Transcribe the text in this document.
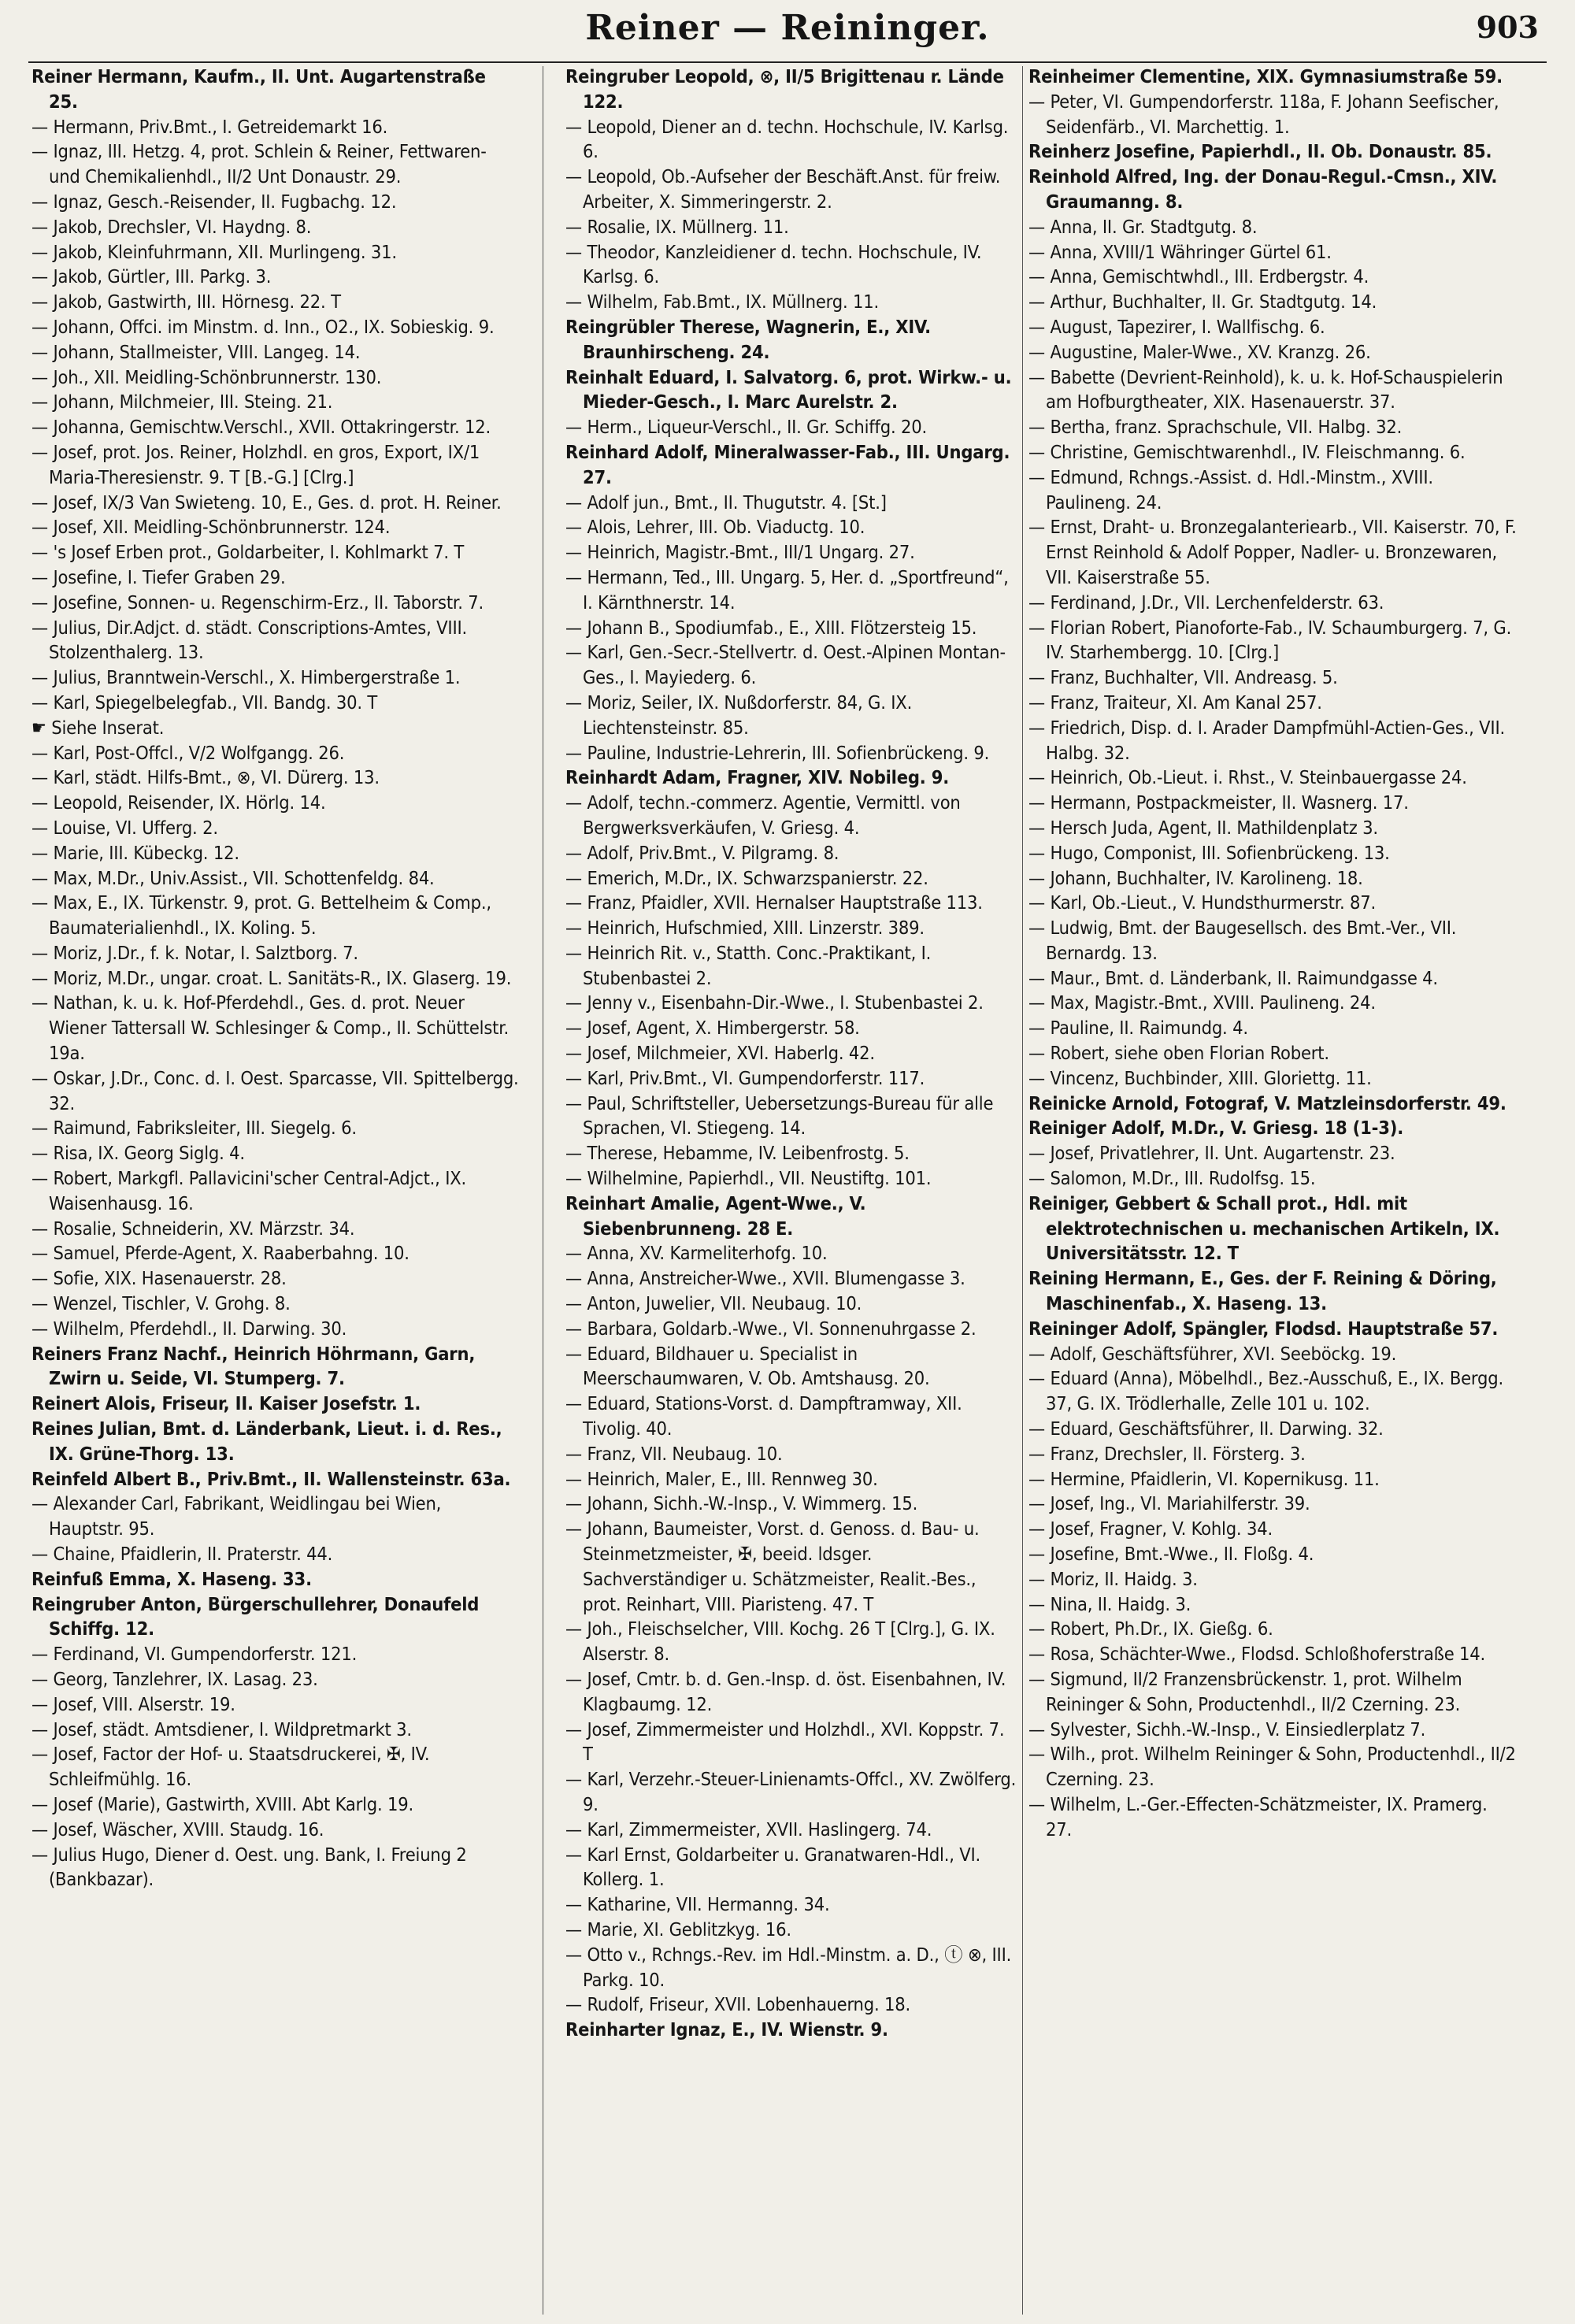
Reiner — Reininger.	903

Reiner Hermann, Kaufm., II. Unt. Augartenstraße 25.

— Hermann, Priv.Bmt., I. Getreidemarkt 16.

— Ignaz, III. Hetzg. 4, prot. Schlein & Reiner, Fettwaren- und Chemikalienhdl., II/2 Unt Donaustr. 29.

— Ignaz, Gesch.-Reisender, II. Fugbachg. 12.

— Jakob, Drechsler, VI. Haydng. 8.

— Jakob, Kleinfuhrmann, XII. Murlingeng. 31.

— Jakob, Gürtler, III. Parkg. 3.

— Jakob, Gastwirth, III. Hörnesg. 22. T

— Johann, Offci. im Minstm. d. Inn., O2., IX. Sobieskig. 9.

— Johann, Stallmeister, VIII. Langeg. 14.

— Joh., XII. Meidling-Schönbrunnerstr. 130.

— Johann, Milchmeier, III. Steing. 21.

— Johanna, Gemischtw.Verschl., XVII. Ottakringerstr. 12.

— Josef, prot. Jos. Reiner, Holzhdl. en gros, Export, IX/1 Maria-Theresienstr. 9. T [B.-G.] [Clrg.]

— Josef, IX/3 Van Swieteng. 10, E., Ges. d. prot. H. Reiner.

— Josef, XII. Meidling-Schönbrunnerstr. 124.

— 's Josef Erben prot., Goldarbeiter, I. Kohlmarkt 7. T

— Josefine, I. Tiefer Graben 29.

— Josefine, Sonnen- u. Regenschirm-Erz., II. Taborstr. 7.

— Julius, Dir.Adjct. d. städt. Conscriptions-Amtes, VIII. Stolzenthalerg. 13.

— Julius, Branntwein-Verschl., X. Himbergerstraße 1.

— Karl, Spiegelbelegfab., VII. Bandg. 30. T

☛ Siehe Inserat.

— Karl, Post-Offcl., V/2 Wolfgangg. 26.

— Karl, städt. Hilfs-Bmt., ⊗, VI. Dürerg. 13.

— Leopold, Reisender, IX. Hörlg. 14.

— Louise, VI. Ufferg. 2.

— Marie, III. Kübeckg. 12.

— Max, M.Dr., Univ.Assist., VII. Schottenfeldg. 84.

— Max, E., IX. Türkenstr. 9, prot. G. Bettelheim & Comp., Baumaterialienhdl., IX. Koling. 5.

— Moriz, J.Dr., f. k. Notar, I. Salztborg. 7.

— Moriz, M.Dr., ungar. croat. L. Sanitäts-R., IX. Glaserg. 19.

— Nathan, k. u. k. Hof-Pferdehdl., Ges. d. prot. Neuer Wiener Tattersall W. Schlesinger & Comp., II. Schüttelstr. 19a.

— Oskar, J.Dr., Conc. d. I. Oest. Sparcasse, VII. Spittelbergg. 32.

— Raimund, Fabriksleiter, III. Siegelg. 6.

— Risa, IX. Georg Siglg. 4.

— Robert, Markgfl. Pallavicini'scher Central-Adjct., IX. Waisenhausg. 16.

— Rosalie, Schneiderin, XV. Märzstr. 34.

— Samuel, Pferde-Agent, X. Raaberbahng. 10.

— Sofie, XIX. Hasenauerstr. 28.

— Wenzel, Tischler, V. Grohg. 8.

— Wilhelm, Pferdehdl., II. Darwing. 30.

Reiners Franz Nachf., Heinrich Höhrmann, Garn, Zwirn u. Seide, VI. Stumperg. 7.

Reinert Alois, Friseur, II. Kaiser Josefstr. 1.

Reines Julian, Bmt. d. Länderbank, Lieut. i. d. Res., IX. Grüne-Thorg. 13.

Reinfeld Albert B., Priv.Bmt., II. Wallensteinstr. 63a.

— Alexander Carl, Fabrikant, Weidlingau bei Wien, Hauptstr. 95.

— Chaine, Pfaidlerin, II. Praterstr. 44.

Reinfuß Emma, X. Haseng. 33.

Reingruber Anton, Bürgerschullehrer, Donaufeld Schiffg. 12.

— Ferdinand, VI. Gumpendorferstr. 121.

— Georg, Tanzlehrer, IX. Lasag. 23.

— Josef, VIII. Alserstr. 19.

— Josef, städt. Amtsdiener, I. Wildpretmarkt 3.

— Josef, Factor der Hof- u. Staatsdruckerei, ✠, IV. Schleifmühlg. 16.

— Josef (Marie), Gastwirth, XVIII. Abt Karlg. 19.

— Josef, Wäscher, XVIII. Staudg. 16.

— Julius Hugo, Diener d. Oest. ung. Bank, I. Freiung 2 (Bankbazar).

Reingruber Leopold, ⊗, II/5 Brigittenau r. Lände 122.

— Leopold, Diener an d. techn. Hochschule, IV. Karlsg. 6.

— Leopold, Ob.-Aufseher der Beschäft.Anst. für freiw. Arbeiter, X. Simmeringerstr. 2.

— Rosalie, IX. Müllnerg. 11.

— Theodor, Kanzleidiener d. techn. Hochschule, IV. Karlsg. 6.

— Wilhelm, Fab.Bmt., IX. Müllnerg. 11.

Reingrübler Therese, Wagnerin, E., XIV. Braunhirscheng. 24.

Reinhalt Eduard, I. Salvatorg. 6, prot. Wirkw.- u. Mieder-Gesch., I. Marc Aurelstr. 2.

— Herm., Liqueur-Verschl., II. Gr. Schiffg. 20.

Reinhard Adolf, Mineralwasser-Fab., III. Ungarg. 27.

— Adolf jun., Bmt., II. Thugutstr. 4. [St.]

— Alois, Lehrer, III. Ob. Viaductg. 10.

— Heinrich, Magistr.-Bmt., III/1 Ungarg. 27.

— Hermann, Ted., III. Ungarg. 5, Her. d. „Sportfreund“, I. Kärnthnerstr. 14.

— Johann B., Spodiumfab., E., XIII. Flötzersteig 15.

— Karl, Gen.-Secr.-Stellvertr. d. Oest.-Alpinen Montan-Ges., I. Mayiederg. 6.

— Moriz, Seiler, IX. Nußdorferstr. 84, G. IX. Liechtensteinstr. 85.

— Pauline, Industrie-Lehrerin, III. Sofienbrückeng. 9.

Reinhardt Adam, Fragner, XIV. Nobileg. 9.

— Adolf, techn.-commerz. Agentie, Vermittl. von Bergwerksverkäufen, V. Griesg. 4.

— Adolf, Priv.Bmt., V. Pilgramg. 8.

— Emerich, M.Dr., IX. Schwarzspanierstr. 22.

— Franz, Pfaidler, XVII. Hernalser Hauptstraße 113.

— Heinrich, Hufschmied, XIII. Linzerstr. 389.

— Heinrich Rit. v., Statth. Conc.-Praktikant, I. Stubenbastei 2.

— Jenny v., Eisenbahn-Dir.-Wwe., I. Stubenbastei 2.

— Josef, Agent, X. Himbergerstr. 58.

— Josef, Milchmeier, XVI. Haberlg. 42.

— Karl, Priv.Bmt., VI. Gumpendorferstr. 117.

— Paul, Schriftsteller, Uebersetzungs-Bureau für alle Sprachen, VI. Stiegeng. 14.

— Therese, Hebamme, IV. Leibenfrostg. 5.

— Wilhelmine, Papierhdl., VII. Neustiftg. 101.

Reinhart Amalie, Agent-Wwe., V. Siebenbrunneng. 28 E.

— Anna, XV. Karmeliterhofg. 10.

— Anna, Anstreicher-Wwe., XVII. Blumengasse 3.

— Anton, Juwelier, VII. Neubaug. 10.

— Barbara, Goldarb.-Wwe., VI. Sonnenuhrgasse 2.

— Eduard, Bildhauer u. Specialist in Meerschaumwaren, V. Ob. Amtshausg. 20.

— Eduard, Stations-Vorst. d. Dampftramway, XII. Tivolig. 40.

— Franz, VII. Neubaug. 10.

— Heinrich, Maler, E., III. Rennweg 30.

— Johann, Sichh.-W.-Insp., V. Wimmerg. 15.

— Johann, Baumeister, Vorst. d. Genoss. d. Bau- u. Steinmetzmeister, ✠, beeid. ldsger. Sachverständiger u. Schätzmeister, Realit.-Bes., prot. Reinhart, VIII. Piaristeng. 47. T

— Joh., Fleischselcher, VIII. Kochg. 26 T [Clrg.], G. IX. Alserstr. 8.

— Josef, Cmtr. b. d. Gen.-Insp. d. öst. Eisenbahnen, IV. Klagbaumg. 12.

— Josef, Zimmermeister und Holzhdl., XVI. Koppstr. 7. T

— Karl, Verzehr.-Steuer-Linienamts-Offcl., XV. Zwölferg. 9.

— Karl, Zimmermeister, XVII. Haslingerg. 74.

— Karl Ernst, Goldarbeiter u. Granatwaren-Hdl., VI. Kollerg. 1.

— Katharine, VII. Hermanng. 34.

— Marie, XI. Geblitzkyg. 16.

— Otto v., Rchngs.-Rev. im Hdl.-Minstm. a. D., ⓣ ⊗, III. Parkg. 10.

— Rudolf, Friseur, XVII. Lobenhauerng. 18.

Reinharter Ignaz, E., IV. Wienstr. 9.

Reinheimer Clementine, XIX. Gymnasiumstraße 59.

— Peter, VI. Gumpendorferstr. 118a, F. Johann Seefischer, Seidenfärb., VI. Marchettig. 1.

Reinherz Josefine, Papierhdl., II. Ob. Donaustr. 85.

Reinhold Alfred, Ing. der Donau-Regul.-Cmsn., XIV. Graumanng. 8.

— Anna, II. Gr. Stadtgutg. 8.

— Anna, XVIII/1 Währinger Gürtel 61.

— Anna, Gemischtwhdl., III. Erdbergstr. 4.

— Arthur, Buchhalter, II. Gr. Stadtgutg. 14.

— August, Tapezirer, I. Wallfischg. 6.

— Augustine, Maler-Wwe., XV. Kranzg. 26.

— Babette (Devrient-Reinhold), k. u. k. Hof-Schauspielerin am Hofburgtheater, XIX. Hasenauerstr. 37.

— Bertha, franz. Sprachschule, VII. Halbg. 32.

— Christine, Gemischtwarenhdl., IV. Fleischmanng. 6.

— Edmund, Rchngs.-Assist. d. Hdl.-Minstm., XVIII. Paulineng. 24.

— Ernst, Draht- u. Bronzegalanteriearb., VII. Kaiserstr. 70, F. Ernst Reinhold & Adolf Popper, Nadler- u. Bronzewaren, VII. Kaiserstraße 55.

— Ferdinand, J.Dr., VII. Lerchenfelderstr. 63.

— Florian Robert, Pianoforte-Fab., IV. Schaumburgerg. 7, G. IV. Starhembergg. 10. [Clrg.]

— Franz, Buchhalter, VII. Andreasg. 5.

— Franz, Traiteur, XI. Am Kanal 257.

— Friedrich, Disp. d. I. Arader Dampfmühl-Actien-Ges., VII. Halbg. 32.

— Heinrich, Ob.-Lieut. i. Rhst., V. Steinbauergasse 24.

— Hermann, Postpackmeister, II. Wasnerg. 17.

— Hersch Juda, Agent, II. Mathildenplatz 3.

— Hugo, Componist, III. Sofienbrückeng. 13.

— Johann, Buchhalter, IV. Karolineng. 18.

— Karl, Ob.-Lieut., V. Hundsthurmerstr. 87.

— Ludwig, Bmt. der Baugesellsch. des Bmt.-Ver., VII. Bernardg. 13.

— Maur., Bmt. d. Länderbank, II. Raimundgasse 4.

— Max, Magistr.-Bmt., XVIII. Paulineng. 24.

— Pauline, II. Raimundg. 4.

— Robert, siehe oben Florian Robert.

— Vincenz, Buchbinder, XIII. Gloriettg. 11.

Reinicke Arnold, Fotograf, V. Matzleinsdorferstr. 49.

Reiniger Adolf, M.Dr., V. Griesg. 18 (1-3).

— Josef, Privatlehrer, II. Unt. Augartenstr. 23.

— Salomon, M.Dr., III. Rudolfsg. 15.

Reiniger, Gebbert & Schall prot., Hdl. mit elektrotechnischen u. mechanischen Artikeln, IX. Universitätsstr. 12. T

Reining Hermann, E., Ges. der F. Reining & Döring, Maschinenfab., X. Haseng. 13.

Reininger Adolf, Spängler, Flodsd. Hauptstraße 57.

— Adolf, Geschäftsführer, XVI. Seeböckg. 19.

— Eduard (Anna), Möbelhdl., Bez.-Ausschuß, E., IX. Bergg. 37, G. IX. Trödlerhalle, Zelle 101 u. 102.

— Eduard, Geschäftsführer, II. Darwing. 32.

— Franz, Drechsler, II. Försterg. 3.

— Hermine, Pfaidlerin, VI. Kopernikusg. 11.

— Josef, Ing., VI. Mariahilferstr. 39.

— Josef, Fragner, V. Kohlg. 34.

— Josefine, Bmt.-Wwe., II. Floßg. 4.

— Moriz, II. Haidg. 3.

— Nina, II. Haidg. 3.

— Robert, Ph.Dr., IX. Gießg. 6.

— Rosa, Schächter-Wwe., Flodsd. Schloßhoferstraße 14.

— Sigmund, II/2 Franzensbrückenstr. 1, prot. Wilhelm Reininger & Sohn, Productenhdl., II/2 Czerning. 23.

— Sylvester, Sichh.-W.-Insp., V. Einsiedlerplatz 7.

— Wilh., prot. Wilhelm Reininger & Sohn, Productenhdl., II/2 Czerning. 23.

— Wilhelm, L.-Ger.-Effecten-Schätzmeister, IX. Pramerg. 27.
